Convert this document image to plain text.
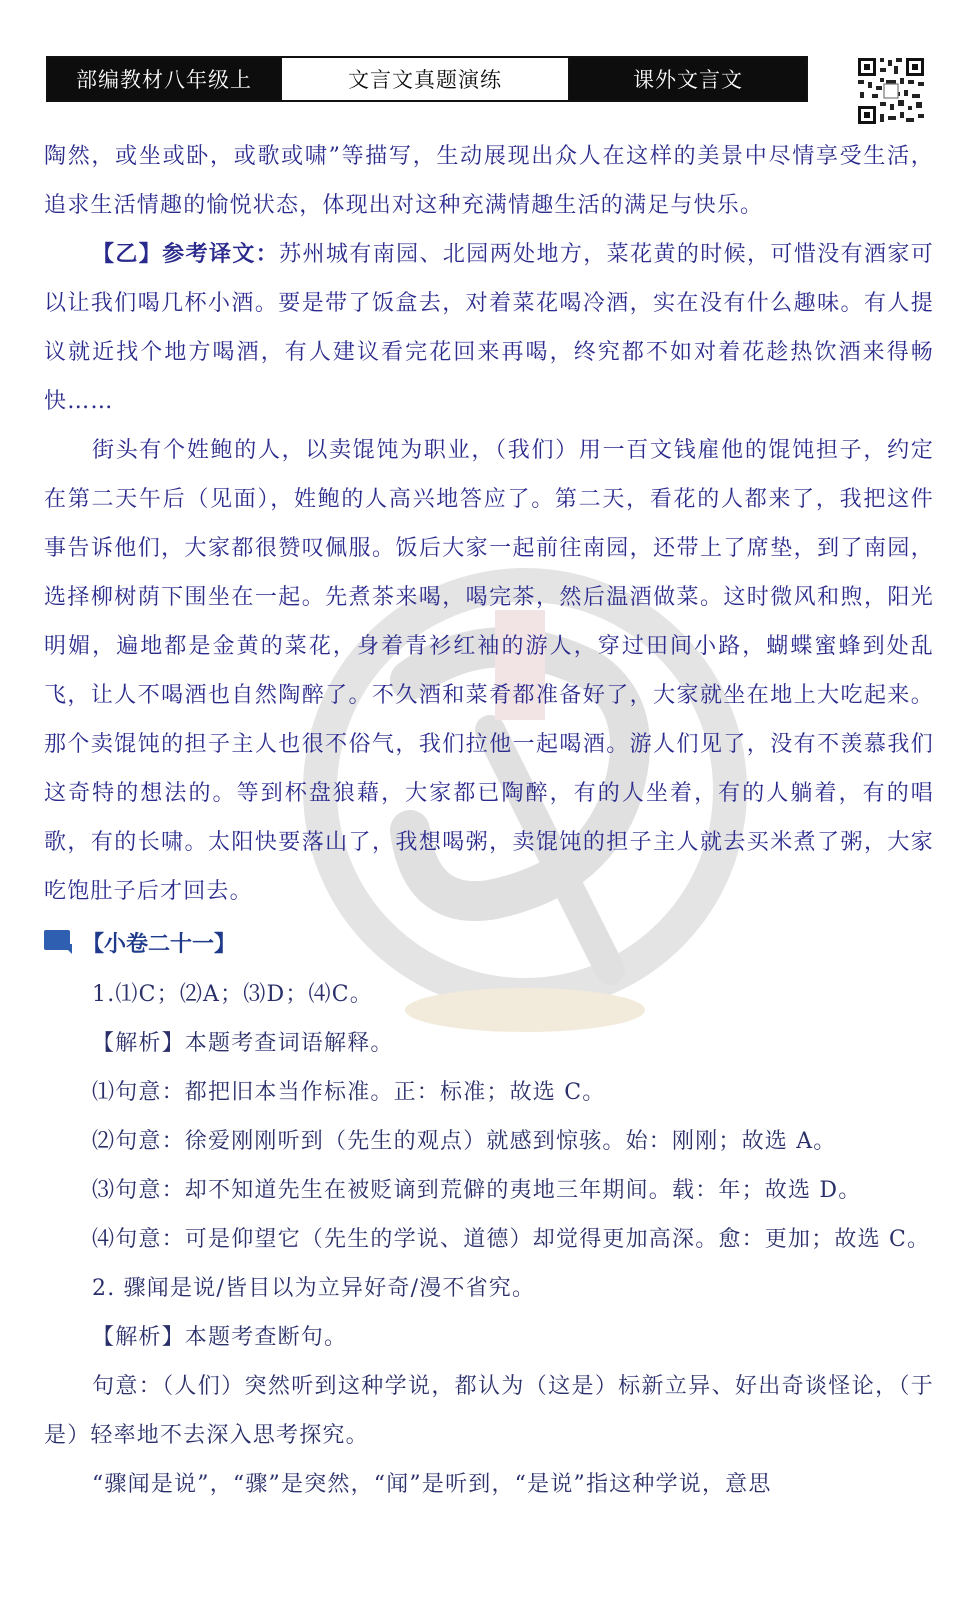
部编教材八年级上	文言文真题演练	课外文言文

陶然，或坐或卧，或歌或啸”等描写，生动展现出众人在这样的美景中尽情享受生活，追求生活情趣的愉悦状态，体现出对这种充满情趣生活的满足与快乐。

【乙】参考译文：苏州城有南园、北园两处地方，菜花黄的时候，可惜没有酒家可以让我们喝几杯小酒。要是带了饭盒去，对着菜花喝冷酒，实在没有什么趣味。有人提议就近找个地方喝酒，有人建议看完花回来再喝，终究都不如对着花趁热饮酒来得畅快……

街头有个姓鲍的人，以卖馄饨为职业，（我们）用一百文钱雇他的馄饨担子，约定在第二天午后（见面），姓鲍的人高兴地答应了。第二天，看花的人都来了，我把这件事告诉他们，大家都很赞叹佩服。饭后大家一起前往南园，还带上了席垫，到了南园，选择柳树荫下围坐在一起。先煮茶来喝，喝完茶，然后温酒做菜。这时微风和煦，阳光明媚，遍地都是金黄的菜花，身着青衫红袖的游人，穿过田间小路，蝴蝶蜜蜂到处乱飞，让人不喝酒也自然陶醉了。不久酒和菜肴都准备好了，大家就坐在地上大吃起来。那个卖馄饨的担子主人也很不俗气，我们拉他一起喝酒。游人们见了，没有不羡慕我们这奇特的想法的。等到杯盘狼藉，大家都已陶醉，有的人坐着，有的人躺着，有的唱歌，有的长啸。太阳快要落山了，我想喝粥，卖馄饨的担子主人就去买米煮了粥，大家吃饱肚子后才回去。

【小卷二十一】

1.⑴C；⑵A；⑶D；⑷C。

【解析】本题考查词语解释。

⑴句意：都把旧本当作标准。正：标准；故选 C。

⑵句意：徐爱刚刚听到（先生的观点）就感到惊骇。始：刚刚；故选 A。

⑶句意：却不知道先生在被贬谪到荒僻的夷地三年期间。载：年；故选 D。

⑷句意：可是仰望它（先生的学说、道德）却觉得更加高深。愈：更加；故选 C。

2. 骤闻是说/皆目以为立异好奇/漫不省究。

【解析】本题考查断句。

句意：（人们）突然听到这种学说，都认为（这是）标新立异、好出奇谈怪论，（于是）轻率地不去深入思考探究。

“骤闻是说”，“骤”是突然，“闻”是听到，“是说”指这种学说，意思
